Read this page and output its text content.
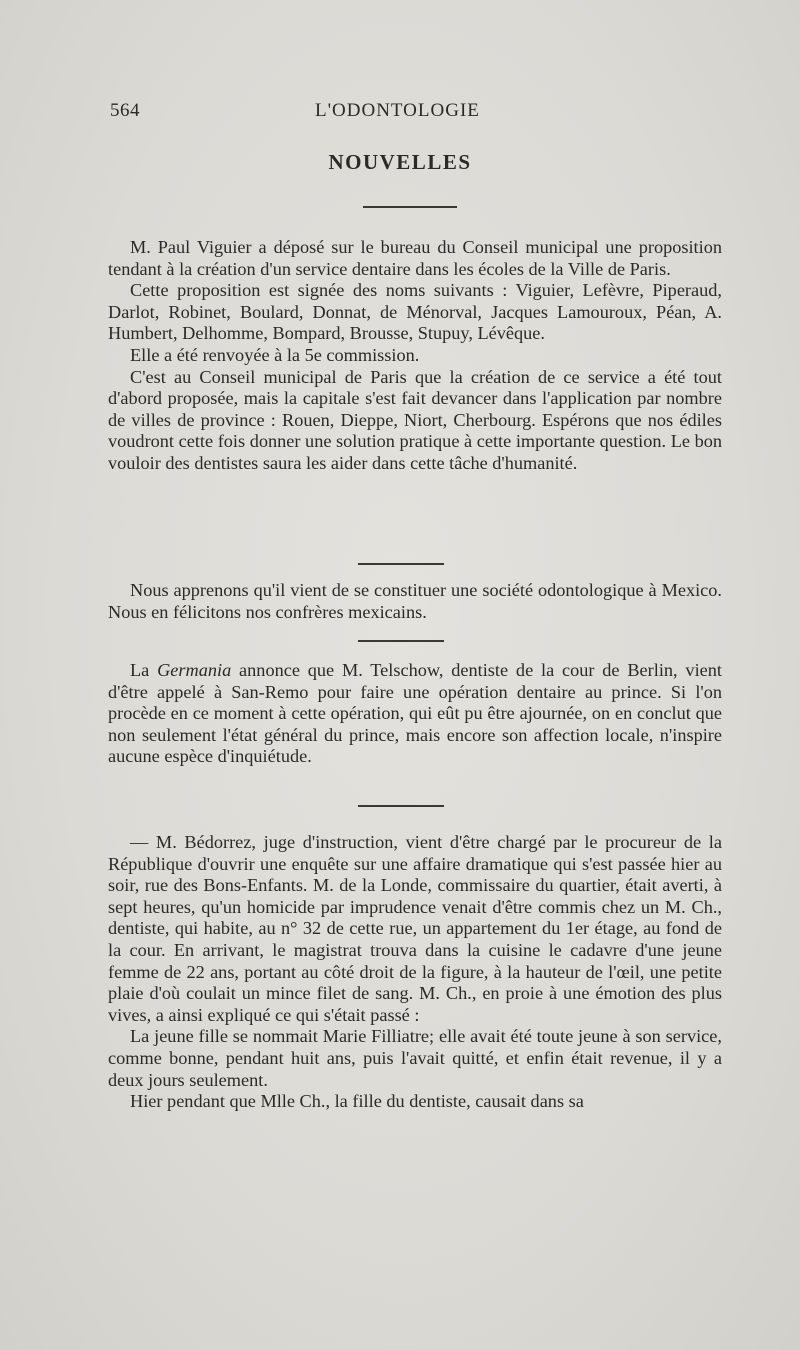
564	L'ODONTOLOGIE
NOUVELLES

M. Paul Viguier a déposé sur le bureau du Conseil municipal une proposition tendant à la création d'un service dentaire dans les écoles de la Ville de Paris.

Cette proposition est signée des noms suivants : Viguier, Lefèvre, Piperaud, Darlot, Robinet, Boulard, Donnat, de Ménorval, Jacques Lamouroux, Péan, A. Humbert, Delhomme, Bompard, Brousse, Stupuy, Lévêque.

Elle a été renvoyée à la 5e commission.

C'est au Conseil municipal de Paris que la création de ce service a été tout d'abord proposée, mais la capitale s'est fait devancer dans l'application par nombre de villes de province : Rouen, Dieppe, Niort, Cherbourg. Espérons que nos édiles voudront cette fois donner une solution pratique à cette importante question. Le bon vouloir des dentistes saura les aider dans cette tâche d'humanité.

Nous apprenons qu'il vient de se constituer une société odontologique à Mexico. Nous en félicitons nos confrères mexicains.

La Germania annonce que M. Telschow, dentiste de la cour de Berlin, vient d'être appelé à San-Remo pour faire une opération dentaire au prince. Si l'on procède en ce moment à cette opération, qui eût pu être ajournée, on en conclut que non seulement l'état général du prince, mais encore son affection locale, n'inspire aucune espèce d'inquiétude.

— M. Bédorrez, juge d'instruction, vient d'être chargé par le procureur de la République d'ouvrir une enquête sur une affaire dramatique qui s'est passée hier au soir, rue des Bons-Enfants. M. de la Londe, commissaire du quartier, était averti, à sept heures, qu'un homicide par imprudence venait d'être commis chez un M. Ch., dentiste, qui habite, au n° 32 de cette rue, un appartement du 1er étage, au fond de la cour. En arrivant, le magistrat trouva dans la cuisine le cadavre d'une jeune femme de 22 ans, portant au côté droit de la figure, à la hauteur de l'œil, une petite plaie d'où coulait un mince filet de sang. M. Ch., en proie à une émotion des plus vives, a ainsi expliqué ce qui s'était passé :

La jeune fille se nommait Marie Filliatre; elle avait été toute jeune à son service, comme bonne, pendant huit ans, puis l'avait quitté, et enfin était revenue, il y a deux jours seulement.

Hier pendant que Mlle Ch., la fille du dentiste, causait dans sa
